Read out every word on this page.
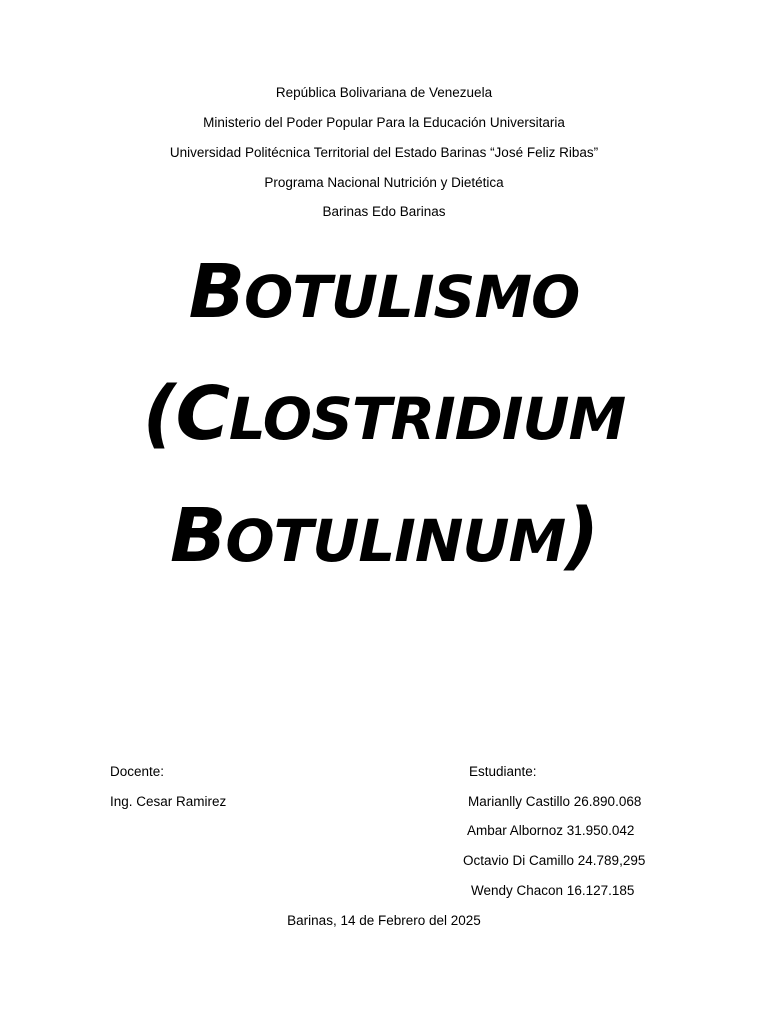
República Bolivariana de Venezuela
Ministerio del Poder Popular Para la Educación Universitaria
Universidad Politécnica Territorial del Estado Barinas “José Feliz Ribas”
Programa Nacional Nutrición y Dietética
Barinas Edo Barinas
BOTULISMO
(CLOSTRIDIUM
BOTULINUM)
Docente:
Ing. Cesar Ramirez
Estudiante:
Marianlly Castillo 26.890.068
Ambar Albornoz 31.950.042
Octavio Di Camillo 24.789,295
Wendy Chacon 16.127.185
Barinas, 14 de Febrero del 2025
